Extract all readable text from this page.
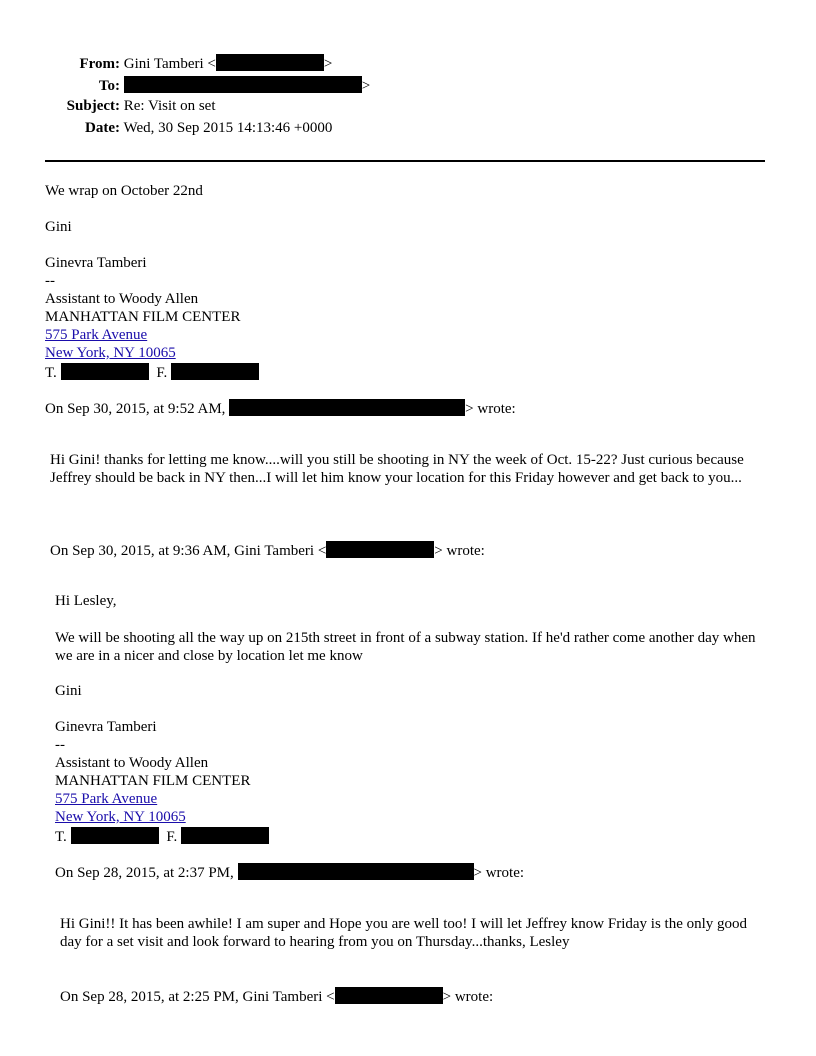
From: Gini Tamberi <	>
To:	>
Subject: Re: Visit on set
Date: Wed, 30 Sep 2015 14:13:46 +0000
We wrap on October 22nd
Gini
Ginevra Tamberi
--
Assistant to Woody Allen
MANHATTAN FILM CENTER
575 Park Avenue
New York, NY 10065
T.	F.
On Sep 30, 2015, at 9:52 AM,	> wrote:
Hi Gini! thanks for letting me know....will you still be shooting in NY the week of Oct. 15-22? Just curious because Jeffrey should be back in NY then...I will let him know your location for this Friday however and get back to you...
On Sep 30, 2015, at 9:36 AM, Gini Tamberi <	> wrote:
Hi Lesley,
We will be shooting all the way up on 215th street in front of a subway station. If he'd rather come another day when we are in a nicer and close by location let me know
Gini
Ginevra Tamberi
--
Assistant to Woody Allen
MANHATTAN FILM CENTER
575 Park Avenue
New York, NY 10065
T.	F.
On Sep 28, 2015, at 2:37 PM,	> wrote:
Hi Gini!! It has been awhile! I am super and Hope you are well too! I will let Jeffrey know Friday is the only good day for a set visit and look forward to hearing from you on Thursday...thanks, Lesley
On Sep 28, 2015, at 2:25 PM, Gini Tamberi <	> wrote:
